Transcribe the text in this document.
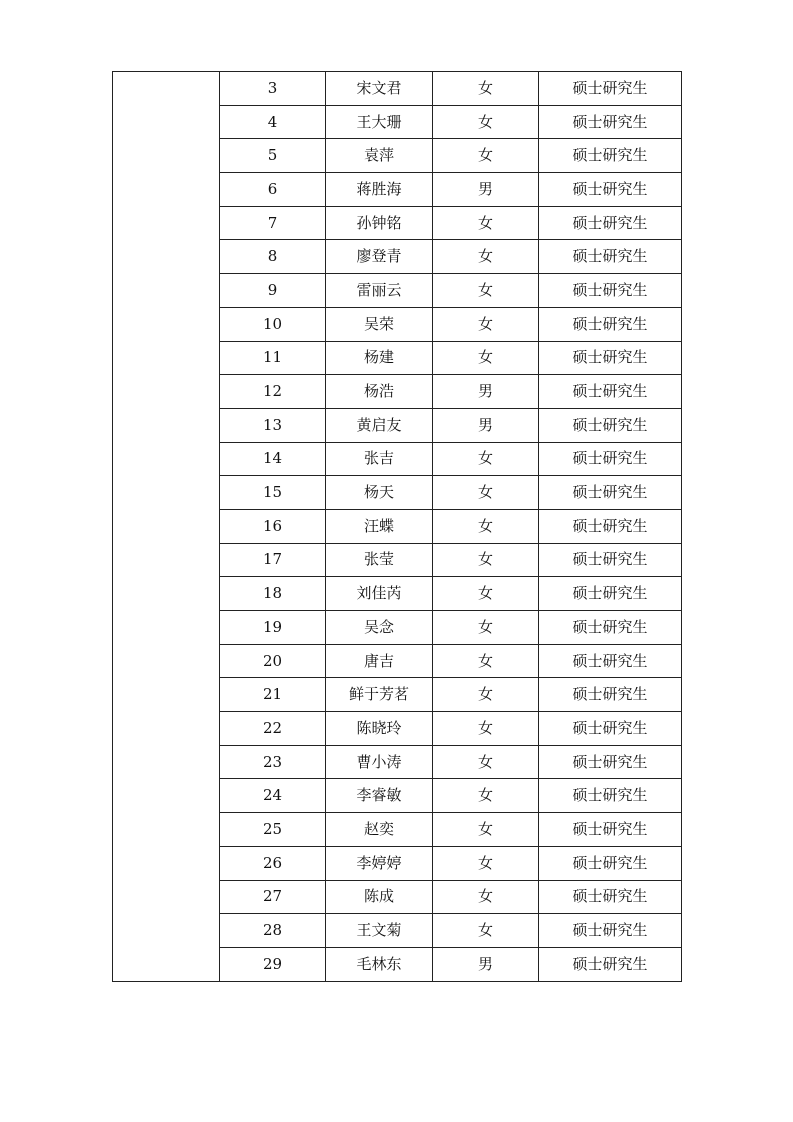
	3	宋文君	女	硕士研究生
	4	王大珊	女	硕士研究生
	5	袁萍	女	硕士研究生
	6	蒋胜海	男	硕士研究生
	7	孙钟铭	女	硕士研究生
	8	廖登青	女	硕士研究生
	9	雷丽云	女	硕士研究生
	10	吴荣	女	硕士研究生
	11	杨建	女	硕士研究生
	12	杨浩	男	硕士研究生
	13	黄启友	男	硕士研究生
	14	张吉	女	硕士研究生
	15	杨天	女	硕士研究生
	16	汪蝶	女	硕士研究生
	17	张莹	女	硕士研究生
	18	刘佳芮	女	硕士研究生
	19	吴念	女	硕士研究生
	20	唐吉	女	硕士研究生
	21	鲜于芳茗	女	硕士研究生
	22	陈晓玲	女	硕士研究生
	23	曹小涛	女	硕士研究生
	24	李睿敏	女	硕士研究生
	25	赵奕	女	硕士研究生
	26	李婷婷	女	硕士研究生
	27	陈成	女	硕士研究生
	28	王文菊	女	硕士研究生
	29	毛林东	男	硕士研究生
